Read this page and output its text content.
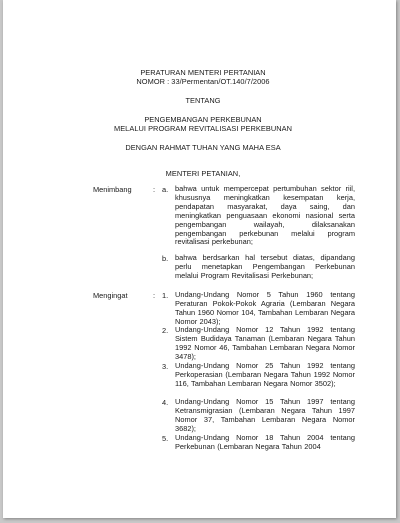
PERATURAN MENTERI PERTANIAN
NOMOR : 33/Permentan/OT.140/7/2006
TENTANG
PENGEMBANGAN PERKEBUNAN
MELALUI PROGRAM REVITALISASI PERKEBUNAN
DENGAN RAHMAT TUHAN YANG MAHA ESA
MENTERI PETANIAN,
Menimbang	: a. bahwa untuk mempercepat pertumbuhan sektor riil, khususnya meningkatkan kesempatan kerja, pendapatan masyarakat, daya saing, dan meningkatkan penguasaan ekonomi nasional serta pengembangan wailayah, dilaksanakan pengembangan perkebunan melalui program revitalisasi perkebunan;
b. bahwa berdsarkan hal tersebut diatas, dipandang perlu menetapkan Pengembangan Perkebunan melalui Program Revitalisasi Perkebunan;
Mengingat	: 1. Undang-Undang Nomor 5 Tahun 1960 tentang Peraturan Pokok-Pokok Agraria (Lembaran Negara Tahun 1960 Nomor 104, Tambahan Lembaran Negara Nomor 2043);
2. Undang-Undang Nomor 12 Tahun 1992 tentang Sistem Budidaya Tanaman (Lembaran Negara Tahun 1992 Nomor 46, Tambahan Lembaran Negara Nomor 3478);
3. Undang-Undang Nomor 25 Tahun 1992 tentang Perkoperasian (Lembaran Negara Tahun 1992 Nomor 116, Tambahan Lembaran Negara Nomor 3502);
4. Undang-Undang Nomor 15 Tahun 1997 tentang Ketransmigrasian (Lembaran Negara Tahun 1997 Nomor 37, Tambahan Lembaran Negara Nomor 3682);
5. Undang-Undang Nomor 18 Tahun 2004 tentang Perkebunan (Lembaran Negara Tahun 2004
